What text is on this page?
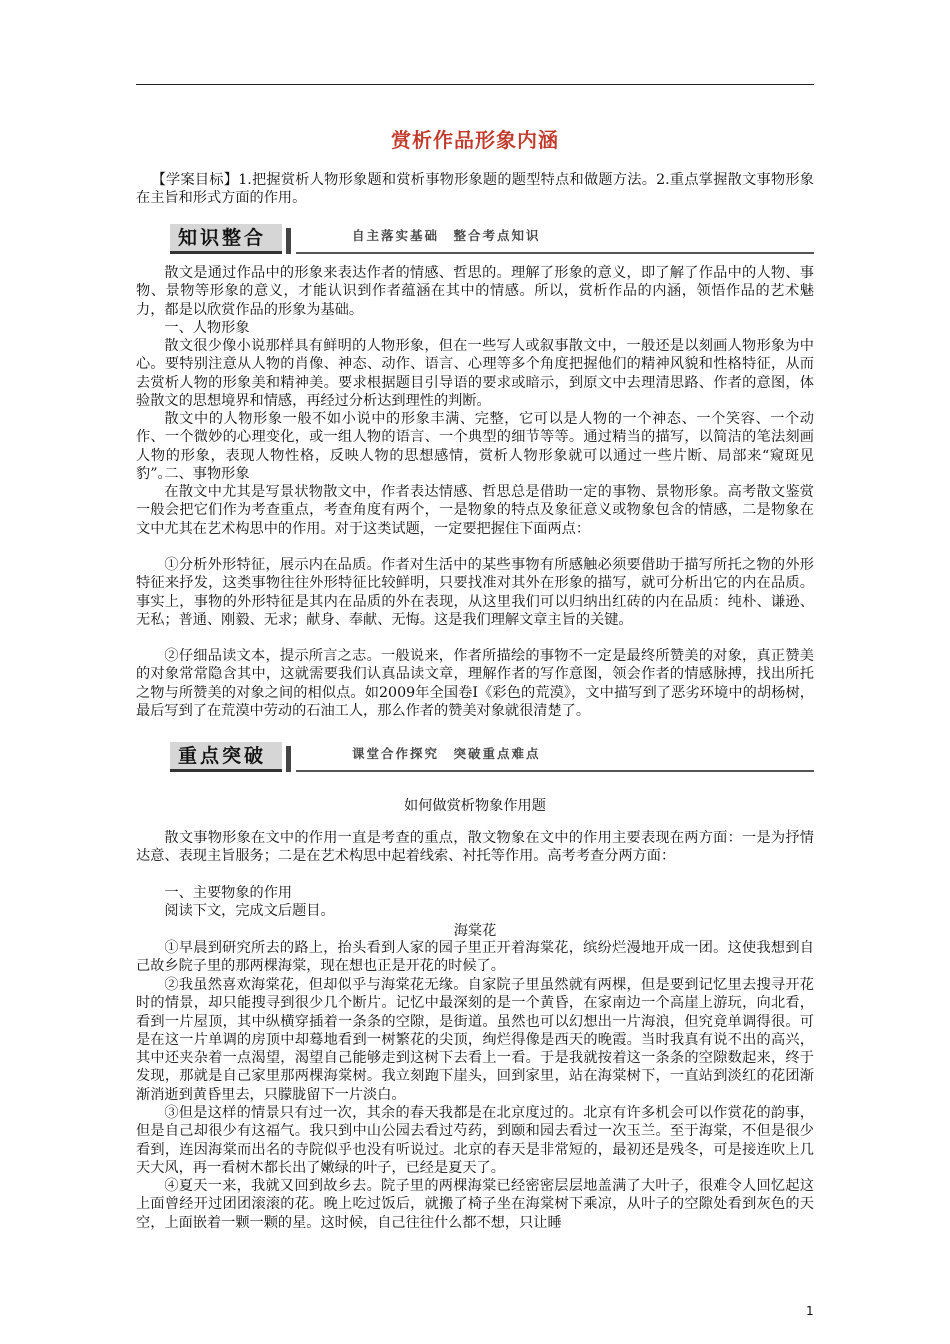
赏析作品形象内涵

【学案目标】1.把握赏析人物形象题和赏析事物形象题的题型特点和做题方法。2.重点掌握散文事物形象在主旨和形式方面的作用。

知识整合	自主落实基础　整合考点知识

散文是通过作品中的形象来表达作者的情感、哲思的。理解了形象的意义，即了解了作品中的人物、事物、景物等形象的意义，才能认识到作者蕴涵在其中的情感。所以，赏析作品的内涵，领悟作品的艺术魅力，都是以欣赏作品的形象为基础。

一、人物形象

散文很少像小说那样具有鲜明的人物形象，但在一些写人或叙事散文中，一般还是以刻画人物形象为中心。要特别注意从人物的肖像、神态、动作、语言、心理等多个角度把握他们的精神风貌和性格特征，从而去赏析人物的形象美和精神美。要求根据题目引导语的要求或暗示，到原文中去理清思路、作者的意图，体验散文的思想境界和情感，再经过分析达到理性的判断。

散文中的人物形象一般不如小说中的形象丰满、完整，它可以是人物的一个神态、一个笑容、一个动作、一个微妙的心理变化，或一组人物的语言、一个典型的细节等等。通过精当的描写，以简洁的笔法刻画人物的形象，表现人物性格，反映人物的思想感情，赏析人物形象就可以通过一些片断、局部来“窥斑见豹”。

二、事物形象

在散文中尤其是写景状物散文中，作者表达情感、哲思总是借助一定的事物、景物形象。高考散文鉴赏一般会把它们作为考查重点，考查角度有两个，一是物象的特点及象征意义或物象包含的情感，二是物象在文中尤其在艺术构思中的作用。对于这类试题，一定要把握住下面两点：

①分析外形特征，展示内在品质。作者对生活中的某些事物有所感触必须要借助于描写所托之物的外形特征来抒发，这类事物往往外形特征比较鲜明，只要找准对其外在形象的描写，就可分析出它的内在品质。事实上，事物的外形特征是其内在品质的外在表现，从这里我们可以归纳出红砖的内在品质：纯朴、谦逊、无私；普通、刚毅、无求；献身、奉献、无悔。这是我们理解文章主旨的关键。

②仔细品读文本，提示所言之志。一般说来，作者所描绘的事物不一定是最终所赞美的对象，真正赞美的对象常常隐含其中，这就需要我们认真品读文章，理解作者的写作意图，领会作者的情感脉搏，找出所托之物与所赞美的对象之间的相似点。如2009年全国卷Ⅰ《彩色的荒漠》，文中描写到了恶劣环境中的胡杨树，最后写到了在荒漠中劳动的石油工人，那么作者的赞美对象就很清楚了。

重点突破	课堂合作探究　突破重点难点
如何做赏析物象作用题

散文事物形象在文中的作用一直是考查的重点，散文物象在文中的作用主要表现在两方面：一是为抒情达意、表现主旨服务；二是在艺术构思中起着线索、衬托等作用。高考考查分两方面：

一、主要物象的作用

阅读下文，完成文后题目。

海棠花

①早晨到研究所去的路上，抬头看到人家的园子里正开着海棠花，缤纷烂漫地开成一团。这使我想到自己故乡院子里的那两棵海棠，现在想也正是开花的时候了。

②我虽然喜欢海棠花，但却似乎与海棠花无缘。自家院子里虽然就有两棵，但是要到记忆里去搜寻开花时的情景，却只能搜寻到很少几个断片。记忆中最深刻的是一个黄昏，在家南边一个高崖上游玩，向北看，看到一片屋顶，其中纵横穿插着一条条的空隙，是街道。虽然也可以幻想出一片海浪，但究竟单调得很。可是在这一片单调的房顶中却蓦地看到一树繁花的尖顶，绚烂得像是西天的晚霞。当时我真有说不出的高兴，其中还夹杂着一点渴望，渴望自己能够走到这树下去看上一看。于是我就按着这一条条的空隙数起来，终于发现，那就是自己家里那两棵海棠树。我立刻跑下崖头，回到家里，站在海棠树下，一直站到淡红的花团渐渐消逝到黄昏里去，只朦胧留下一片淡白。

③但是这样的情景只有过一次，其余的春天我都是在北京度过的。北京有许多机会可以作赏花的韵事，但是自己却很少有这福气。我只到中山公园去看过芍药，到颐和园去看过一次玉兰。至于海棠，不但是很少看到，连因海棠而出名的寺院似乎也没有听说过。北京的春天是非常短的，最初还是残冬，可是接连吹上几天大风，再一看树木都长出了嫩绿的叶子，已经是夏天了。

④夏天一来，我就又回到故乡去。院子里的两棵海棠已经密密层层地盖满了大叶子，很难令人回忆起这上面曾经开过团团滚滚的花。晚上吃过饭后，就搬了椅子坐在海棠树下乘凉，从叶子的空隙处看到灰色的天空，上面嵌着一颗一颗的星。这时候，自己往往什么都不想，只让睡

1
